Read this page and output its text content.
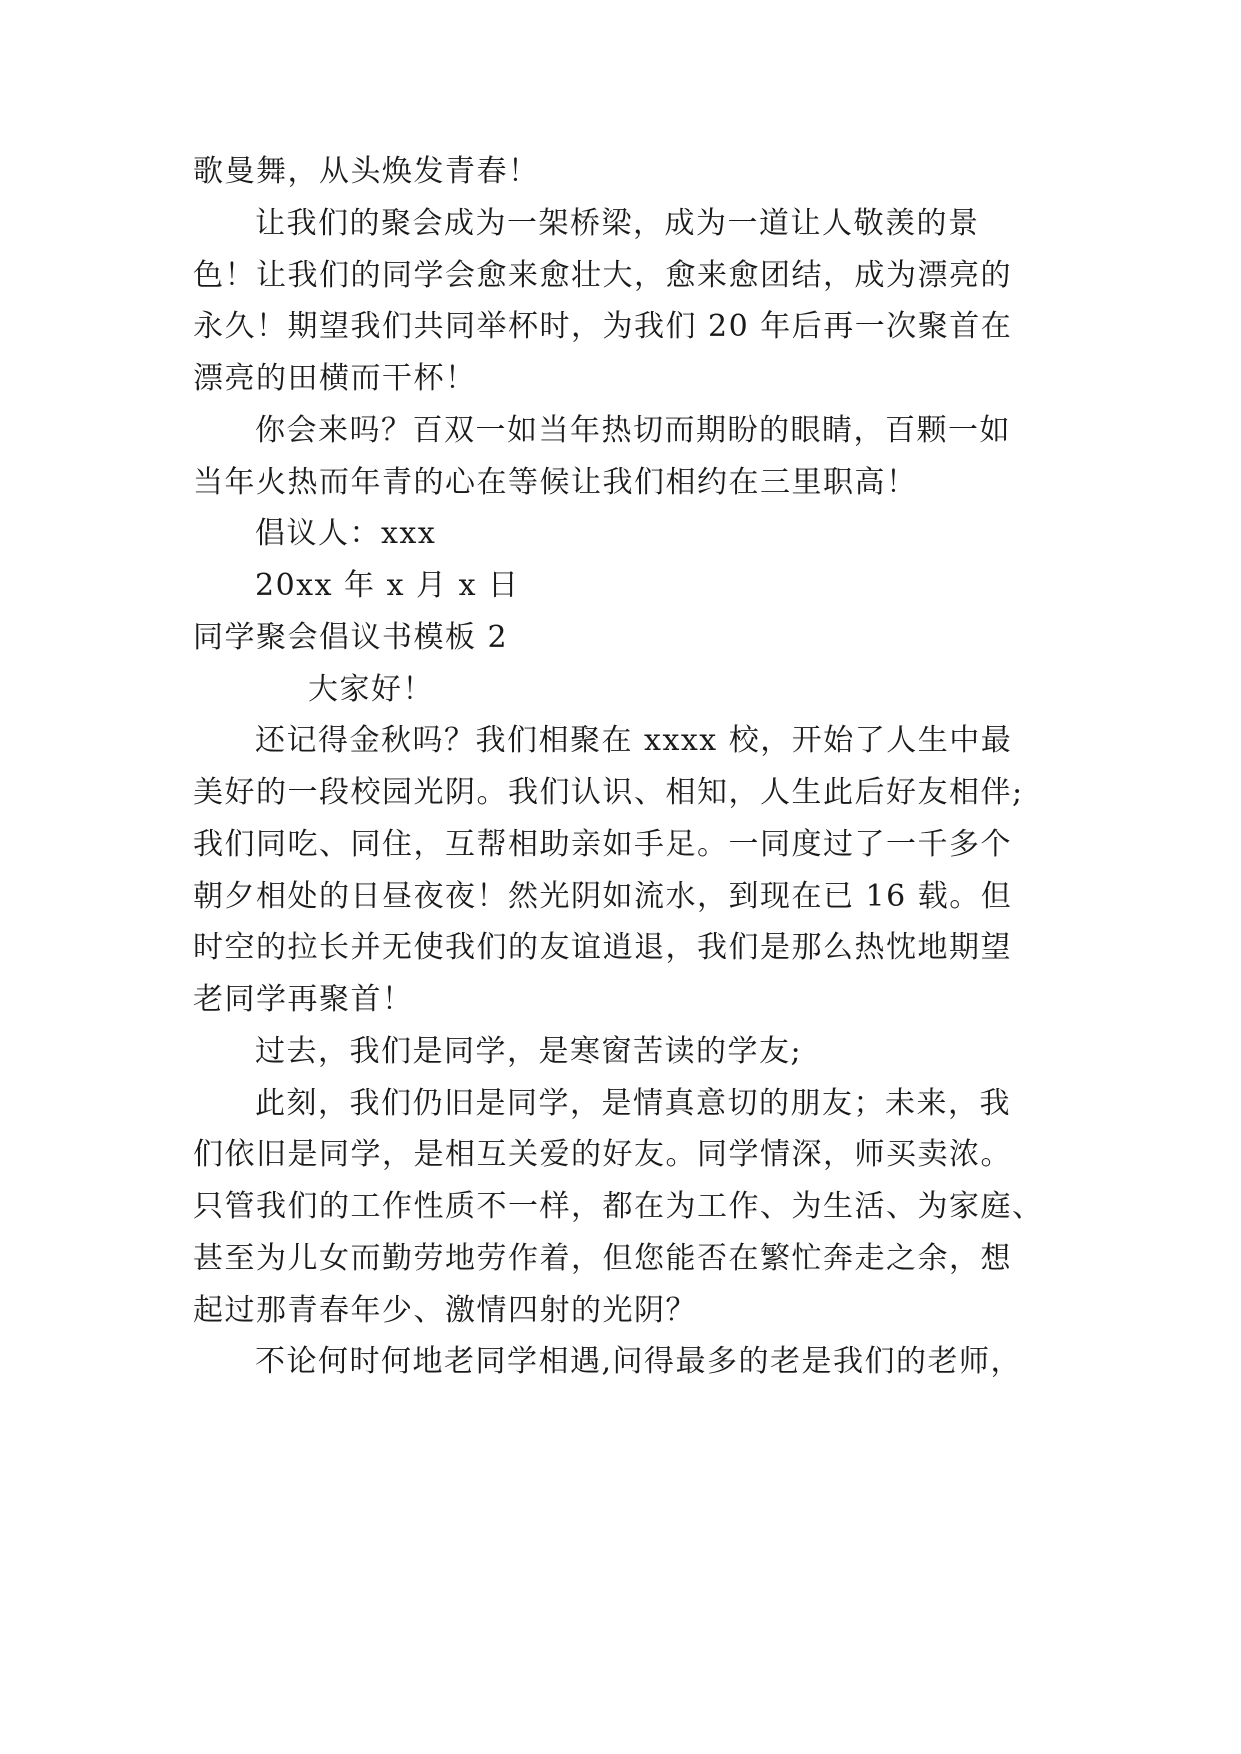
歌曼舞，从头焕发青春！
让我们的聚会成为一架桥梁，成为一道让人敬羡的景
色！让我们的同学会愈来愈壮大，愈来愈团结，成为漂亮的
永久！期望我们共同举杯时，为我们 20 年后再一次聚首在
漂亮的田横而干杯！
你会来吗？百双一如当年热切而期盼的眼睛，百颗一如
当年火热而年青的心在等候让我们相约在三里职高！
倡议人：xxx
20xx 年 x 月 x 日
同学聚会倡议书模板 2
大家好！
还记得金秋吗？我们相聚在 xxxx 校，开始了人生中最
美好的一段校园光阴。我们认识、相知，人生此后好友相伴;
我们同吃、同住，互帮相助亲如手足。一同度过了一千多个
朝夕相处的日昼夜夜！然光阴如流水，到现在已 16 载。但
时空的拉长并无使我们的友谊逍退，我们是那么热忱地期望
老同学再聚首！
过去，我们是同学，是寒窗苦读的学友;
此刻，我们仍旧是同学，是情真意切的朋友；未来，我
们依旧是同学，是相互关爱的好友。同学情深，师买卖浓。
只管我们的工作性质不一样，都在为工作、为生活、为家庭、
甚至为儿女而勤劳地劳作着，但您能否在繁忙奔走之余，想
起过那青春年少、激情四射的光阴？
不论何时何地老同学相遇,问得最多的老是我们的老师，
